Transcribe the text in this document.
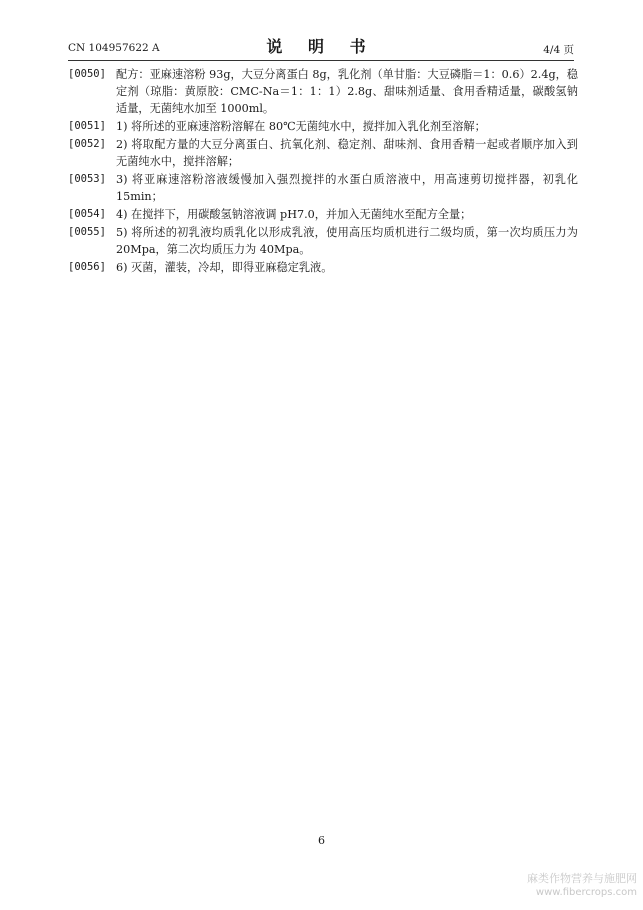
CN 104957622 A	说 明 书	4/4 页
[0050] 配方：亚麻速溶粉 93g，大豆分离蛋白 8g，乳化剂（单甘脂：大豆磷脂＝1：0.6）2.4g，稳定剂（琼脂：黄原胶：CMC-Na＝1：1：1）2.8g、甜味剂适量、食用香精适量，碳酸氢钠适量，无菌纯水加至 1000ml。
[0051] 1) 将所述的亚麻速溶粉溶解在 80℃无菌纯水中，搅拌加入乳化剂至溶解；
[0052] 2) 将取配方量的大豆分离蛋白、抗氧化剂、稳定剂、甜味剂、食用香精一起或者顺序加入到无菌纯水中，搅拌溶解；
[0053] 3) 将亚麻速溶粉溶液缓慢加入强烈搅拌的水蛋白质溶液中，用高速剪切搅拌器，初乳化 15min；
[0054] 4) 在搅拌下，用碳酸氢钠溶液调 pH7.0，并加入无菌纯水至配方全量；
[0055] 5) 将所述的初乳液均质乳化以形成乳液，使用高压均质机进行二级均质，第一次均质压力为 20Mpa，第二次均质压力为 40Mpa。
[0056] 6) 灭菌，灌装，冷却，即得亚麻稳定乳液。
6
麻类作物营养与施肥网
www.fibercrops.com
